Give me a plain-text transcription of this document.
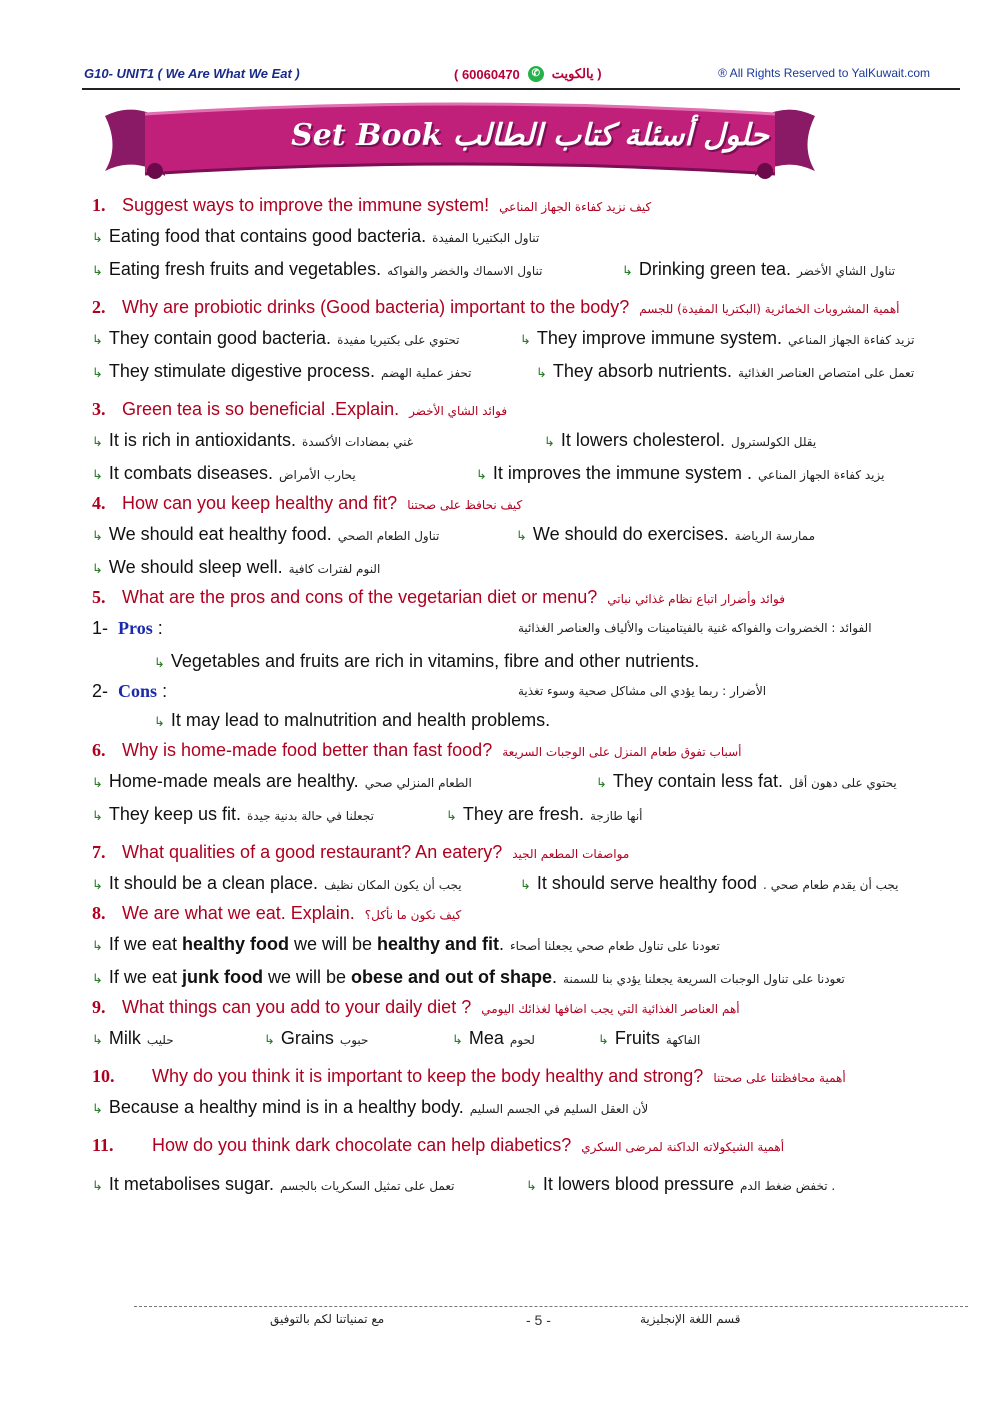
G10- UNIT1 ( We Are What We Eat )	( 60060470	✆ يالكويت )	® All Rights Reserved to YalKuwait.com
Set Book حلول أسئلة كتاب الطالب
1. Suggest ways to improve the immune system! كيف نزيد كفاءة الجهاز المناعي
↳ Eating food that contains good bacteria. تناول البكتيريا المفيدة
↳ Eating fresh fruits and vegetables. تناول الاسماك والخضر والفواكه	↳ Drinking green tea. تناول الشاي الأخضر
2. Why are probiotic drinks (Good bacteria) important to the body? أهمية المشروبات الخمائرية (البكتريا المفيدة) للجسم
↳ They contain good bacteria. تحتوي على بكتيريا مفيدة	↳ They improve immune system. تزيد كفاءة الجهاز المناعي
↳ They stimulate digestive process. تحفز عملية الهضم	↳ They absorb nutrients. تعمل على امتصاص العناصر الغذائية
3. Green tea is so beneficial .Explain. فوائد الشاي الأخضر
↳ It is rich in antioxidants. غني بمضادات الأكسدة	↳ It lowers cholesterol. يقلل الكولسترول
↳ It combats diseases. يحارب الأمراض	↳ It improves the immune system . يزيد كفاءة الجهاز المناعي
4. How can you keep healthy and fit? كيف نحافظ على صحتنا
↳ We should eat healthy food. تناول الطعام الصحي	↳ We should do exercises. ممارسة الرياضة
↳ We should sleep well. النوم لفترات كافية
5. What are the pros and cons of the vegetarian diet or menu? فوائد وأضرار اتباع نظام غذائي نباتي
1- Pros :	الفوائد : الخضروات والفواكه غنية بالفيتامينات والألياف والعناصر الغذائية
↳ Vegetables and fruits are rich in vitamins, fibre and other nutrients.
2- Cons :	الأضرار : ربما يؤدي الى مشاكل صحية وسوء تغذية
↳ It may lead to malnutrition and health problems.
6. Why is home-made food better than fast food? أسباب تفوق طعام المنزل على الوجبات السريعة
↳ Home-made meals are healthy. الطعام المنزلي صحي	↳ They contain less fat. يحتوي على دهون أقل
↳ They keep us fit. تجعلنا في حالة بدنية جيدة	↳ They are fresh. أنها طازجة
7. What qualities of a good restaurant? An eatery? مواصفات المطعم الجيد
↳ It should be a clean place. يجب أن يكون المكان نظيف	↳ It should serve healthy food . يجب أن يقدم طعام صحي
8. We are what we eat. Explain. كيف نكون ما نأكل؟
↳ If we eat healthy food we will be healthy and fit. تعودنا على تناول طعام صحي يجعلنا أصحاء
↳ If we eat junk food we will be obese and out of shape. تعودنا على تناول الوجبات السريعة يجعلنا يؤدي بنا للسمنة
9. What things can you add to your daily diet ? أهم العناصر الغذائية التي يجب اضافها لغذائك اليومي
↳ Milk حليب	↳ Grains حبوب	↳ Mea لحوم	↳ Fruits الفاكهة
10.	Why do you think it is important to keep the body healthy and strong? أهمية محافظتنا على صحتنا
↳ Because a healthy mind is in a healthy body. لأن العقل السليم في الجسم السليم
11.	How do you think dark chocolate can help diabetics? أهمية الشيكولاته الداكنة لمرضى السكري
↳ It metabolises sugar. تعمل على تمثيل السكريات بالجسم	↳ It lowers blood pressure تخفض ضغط الدم .
مع تمنياتنا لكم بالتوفيق	- 5 -	قسم اللغة الإنجليزية
